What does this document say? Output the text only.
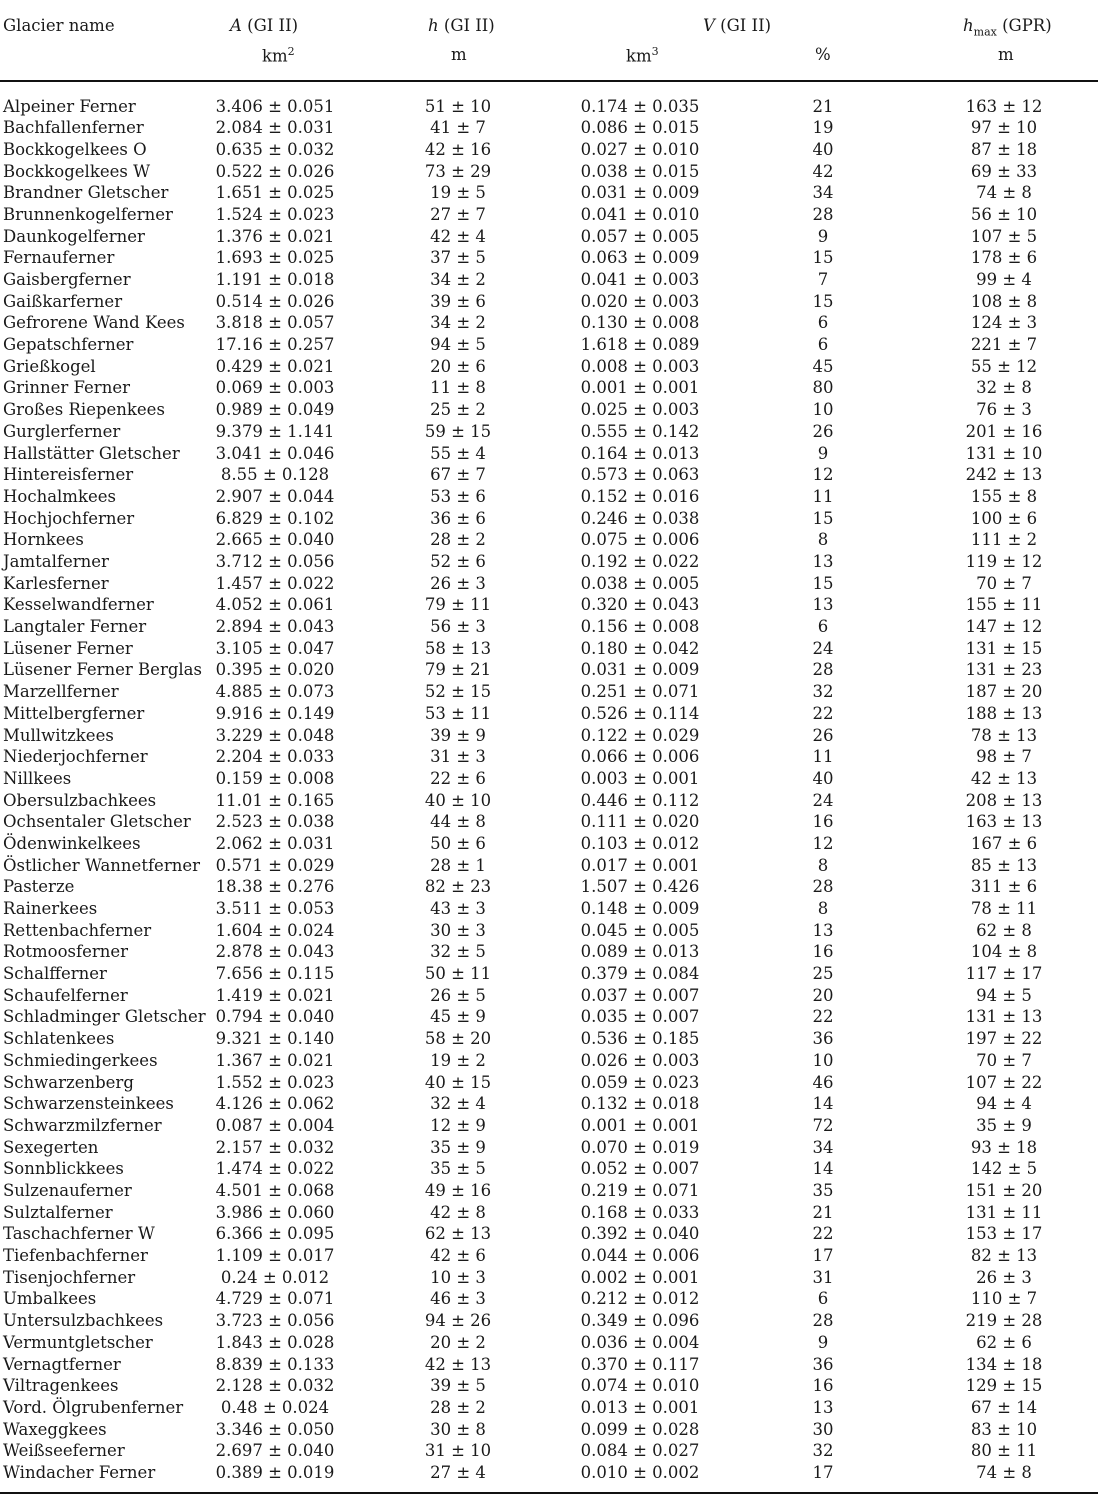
Glacier name	A (GI II)	h (GI II)	V (GI II)	$h_{max}$ (GPR)
$km^2$	m	$km^3$	%	m
Alpeiner Ferner	3.406 ± 0.051	51 ± 10	0.174 ± 0.035	21	163 ± 12
Bachfallenferner	2.084 ± 0.031	41 ± 7	0.086 ± 0.015	19	97 ± 10
Bockkogelkees O	0.635 ± 0.032	42 ± 16	0.027 ± 0.010	40	87 ± 18
Bockkogelkees W	0.522 ± 0.026	73 ± 29	0.038 ± 0.015	42	69 ± 33
Brandner Gletscher	1.651 ± 0.025	19 ± 5	0.031 ± 0.009	34	74 ± 8
Brunnenkogelferner	1.524 ± 0.023	27 ± 7	0.041 ± 0.010	28	56 ± 10
Daunkogelferner	1.376 ± 0.021	42 ± 4	0.057 ± 0.005	9	107 ± 5
Fernauferner	1.693 ± 0.025	37 ± 5	0.063 ± 0.009	15	178 ± 6
Gaisbergferner	1.191 ± 0.018	34 ± 2	0.041 ± 0.003	7	99 ± 4
Gaißkarferner	0.514 ± 0.026	39 ± 6	0.020 ± 0.003	15	108 ± 8
Gefrorene Wand Kees 3.818 ± 0.057	34 ± 2	0.130 ± 0.008	6	124 ± 3
Gepatschferner	17.16 ± 0.257	94 ± 5	1.618 ± 0.089	6	221 ± 7
Grießkogel	0.429 ± 0.021	20 ± 6	0.008 ± 0.003	45	55 ± 12
Grinner Ferner	0.069 ± 0.003	11 ± 8	0.001 ± 0.001	80	32 ± 8
Großes Riepenkees	0.989 ± 0.049	25 ± 2	0.025 ± 0.003	10	76 ± 3
Gurglerferner	9.379 ± 1.141	59 ± 15	0.555 ± 0.142	26	201 ± 16
Hallstätter Gletscher 3.041 ± 0.046	55 ± 4	0.164 ± 0.013	9	131 ± 10
Hintereisferner	8.55 ± 0.128	67 ± 7	0.573 ± 0.063	12	242 ± 13
Hochalmkees	2.907 ± 0.044	53 ± 6	0.152 ± 0.016	11	155 ± 8
Hochjochferner	6.829 ± 0.102	36 ± 6	0.246 ± 0.038	15	100 ± 6
Hornkees	2.665 ± 0.040	28 ± 2	0.075 ± 0.006	8	111 ± 2
Jamtalferner	3.712 ± 0.056	52 ± 6	0.192 ± 0.022	13	119 ± 12
Karlesferner	1.457 ± 0.022	26 ± 3	0.038 ± 0.005	15	70 ± 7
Kesselwandferner	4.052 ± 0.061	79 ± 11	0.320 ± 0.043	13	155 ± 11
Langtaler Ferner	2.894 ± 0.043	56 ± 3	0.156 ± 0.008	6	147 ± 12
Lüsener Ferner	3.105 ± 0.047	58 ± 13	0.180 ± 0.042	24	131 ± 15
Lüsener Ferner Berglas 0.395 ± 0.020	79 ± 21	0.031 ± 0.009	28	131 ± 23
Marzellferner	4.885 ± 0.073	52 ± 15	0.251 ± 0.071	32	187 ± 20
Mittelbergferner	9.916 ± 0.149	53 ± 11	0.526 ± 0.114	22	188 ± 13
Mullwitzkees	3.229 ± 0.048	39 ± 9	0.122 ± 0.029	26	78 ± 13
Niederjochferner	2.204 ± 0.033	31 ± 3	0.066 ± 0.006	11	98 ± 7
Nillkees	0.159 ± 0.008	22 ± 6	0.003 ± 0.001	40	42 ± 13
Obersulzbachkees	11.01 ± 0.165	40 ± 10	0.446 ± 0.112	24	208 ± 13
Ochsentaler Gletscher 2.523 ± 0.038	44 ± 8	0.111 ± 0.020	16	163 ± 13
Ödenwinkelkees	2.062 ± 0.031	50 ± 6	0.103 ± 0.012	12	167 ± 6
Östlicher Wannetferner 0.571 ± 0.029	28 ± 1	0.017 ± 0.001	8	85 ± 13
Pasterze	18.38 ± 0.276	82 ± 23	1.507 ± 0.426	28	311 ± 6
Rainerkees	3.511 ± 0.053	43 ± 3	0.148 ± 0.009	8	78 ± 11
Rettenbachferner	1.604 ± 0.024	30 ± 3	0.045 ± 0.005	13	62 ± 8
Rotmoosferner	2.878 ± 0.043	32 ± 5	0.089 ± 0.013	16	104 ± 8
Schalfferner	7.656 ± 0.115	50 ± 11	0.379 ± 0.084	25	117 ± 17
Schaufelferner	1.419 ± 0.021	26 ± 5	0.037 ± 0.007	20	94 ± 5
Schladminger Gletscher 0.794 ± 0.040	45 ± 9	0.035 ± 0.007	22	131 ± 13
Schlatenkees	9.321 ± 0.140	58 ± 20	0.536 ± 0.185	36	197 ± 22
Schmiedingerkees	1.367 ± 0.021	19 ± 2	0.026 ± 0.003	10	70 ± 7
Schwarzenberg	1.552 ± 0.023	40 ± 15	0.059 ± 0.023	46	107 ± 22
Schwarzensteinkees	4.126 ± 0.062	32 ± 4	0.132 ± 0.018	14	94 ± 4
Schwarzmilzferner	0.087 ± 0.004	12 ± 9	0.001 ± 0.001	72	35 ± 9
Sexegerten	2.157 ± 0.032	35 ± 9	0.070 ± 0.019	34	93 ± 18
Sonnblickkees	1.474 ± 0.022	35 ± 5	0.052 ± 0.007	14	142 ± 5
Sulzenauferner	4.501 ± 0.068	49 ± 16	0.219 ± 0.071	35	151 ± 20
Sulztalferner	3.986 ± 0.060	42 ± 8	0.168 ± 0.033	21	131 ± 11
Taschachferner W	6.366 ± 0.095	62 ± 13	0.392 ± 0.040	22	153 ± 17
Tiefenbachferner	1.109 ± 0.017	42 ± 6	0.044 ± 0.006	17	82 ± 13
Tisenjochferner	0.24 ± 0.012	10 ± 3	0.002 ± 0.001	31	26 ± 3
Umbalkees	4.729 ± 0.071	46 ± 3	0.212 ± 0.012	6	110 ± 7
Untersulzbachkees	3.723 ± 0.056	94 ± 26	0.349 ± 0.096	28	219 ± 28
Vermuntgletscher	1.843 ± 0.028	20 ± 2	0.036 ± 0.004	9	62 ± 6
Vernagtferner	8.839 ± 0.133	42 ± 13	0.370 ± 0.117	36	134 ± 18
Viltragenkees	2.128 ± 0.032	39 ± 5	0.074 ± 0.010	16	129 ± 15
Vord. Ölgrubenferner 0.48 ± 0.024	28 ± 2	0.013 ± 0.001	13	67 ± 14
Waxeggkees	3.346 ± 0.050	30 ± 8	0.099 ± 0.028	30	83 ± 10
Weißseeferner	2.697 ± 0.040	31 ± 10	0.084 ± 0.027	32	80 ± 11
Windacher Ferner	0.389 ± 0.019	27 ± 4	0.010 ± 0.002	17	74 ± 8
